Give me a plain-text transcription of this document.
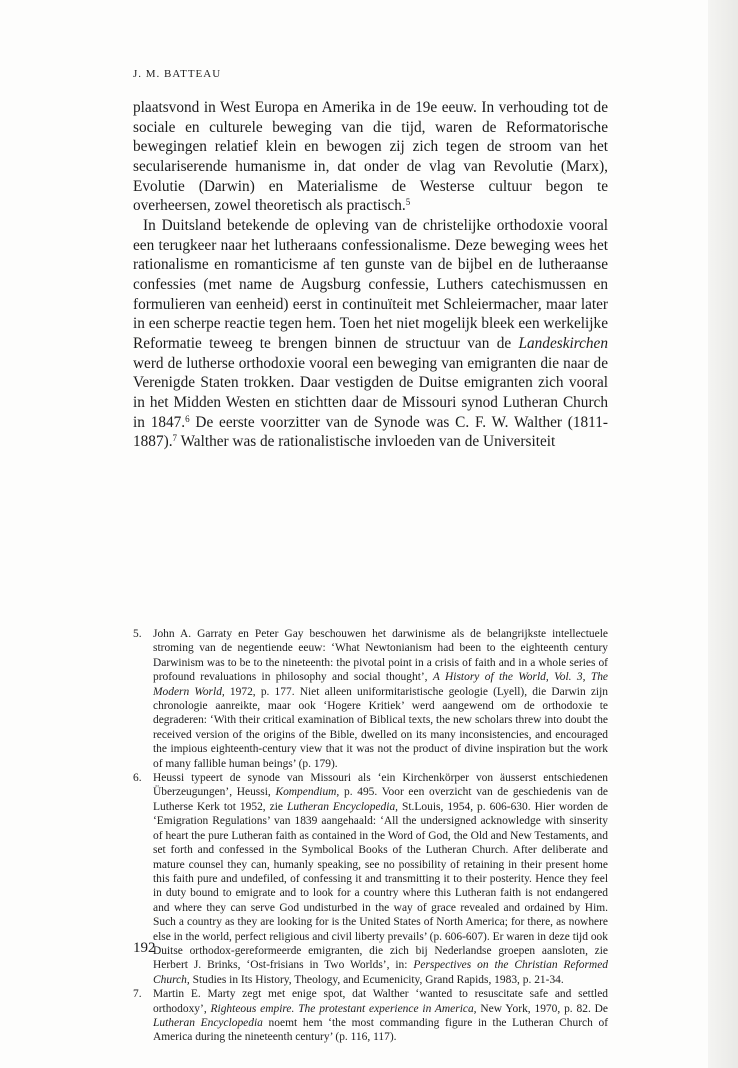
J. M. BATTEAU

plaatsvond in West Europa en Amerika in de 19e eeuw. In verhouding tot de sociale en culturele beweging van die tijd, waren de Reformatorische bewegingen relatief klein en bewogen zij zich tegen de stroom van het seculariserende humanisme in, dat onder de vlag van Revolutie (Marx), Evolutie (Darwin) en Materialisme de Westerse cultuur begon te overheersen, zowel theoretisch als practisch.$^5$

In Duitsland betekende de opleving van de christelijke orthodoxie vooral een terugkeer naar het lutheraans confessionalisme. Deze beweging wees het rationalisme en romanticisme af ten gunste van de bijbel en de lutheraanse confessies (met name de Augsburg confessie, Luthers catechismussen en formulieren van eenheid) eerst in continuïteit met Schleiermacher, maar later in een scherpe reactie tegen hem. Toen het niet mogelijk bleek een werkelijke Reformatie teweeg te brengen binnen de structuur van de Landeskirchen werd de lutherse orthodoxie vooral een beweging van emigranten die naar de Verenigde Staten trokken. Daar vestigden de Duitse emigranten zich vooral in het Midden Westen en stichtten daar de Missouri synod Lutheran Church in 1847.$^6$ De eerste voorzitter van de Synode was C. F. W. Walther (1811-1887).$^7$ Walther was de rationalistische invloeden van de Universiteit

5. John A. Garraty en Peter Gay beschouwen het darwinisme als de belangrijkste intellectuele stroming van de negentiende eeuw: ‘What Newtonianism had been to the eighteenth century Darwinism was to be to the nineteenth: the pivotal point in a crisis of faith and in a whole series of profound revaluations in philosophy and social thought’, A History of the World, Vol. 3, The Modern World, 1972, p. 177. Niet alleen uniformitaristische geologie (Lyell), die Darwin zijn chronologie aanreikte, maar ook ‘Hogere Kritiek’ werd aangewend om de orthodoxie te degraderen: ‘With their critical examination of Biblical texts, the new scholars threw into doubt the received version of the origins of the Bible, dwelled on its many inconsistencies, and encouraged the impious eighteenth-century view that it was not the product of divine inspiration but the work of many fallible human beings’ (p. 179).

6. Heussi typeert de synode van Missouri als ‘ein Kirchenkörper von äusserst entschiedenen Überzeugungen’, Heussi, Kompendium, p. 495. Voor een overzicht van de geschiedenis van de Lutherse Kerk tot 1952, zie Lutheran Encyclopedia, St.Louis, 1954, p. 606-630. Hier worden de ‘Emigration Regulations’ van 1839 aangehaald: ‘All the undersigned acknowledge with sinserity of heart the pure Lutheran faith as contained in the Word of God, the Old and New Testaments, and set forth and confessed in the Symbolical Books of the Lutheran Church. After deliberate and mature counsel they can, humanly speaking, see no possibility of retaining in their present home this faith pure and undefiled, of confessing it and transmitting it to their posterity. Hence they feel in duty bound to emigrate and to look for a country where this Lutheran faith is not endangered and where they can serve God undisturbed in the way of grace revealed and ordained by Him. Such a country as they are looking for is the United States of North America; for there, as nowhere else in the world, perfect religious and civil liberty prevails’ (p. 606-607). Er waren in deze tijd ook Duitse orthodox-gereformeerde emigranten, die zich bij Nederlandse groepen aansloten, zie Herbert J. Brinks, ‘Ost-frisians in Two Worlds’, in: Perspectives on the Christian Reformed Church, Studies in Its History, Theology, and Ecumenicity, Grand Rapids, 1983, p. 21-34.

7. Martin E. Marty zegt met enige spot, dat Walther ‘wanted to resuscitate safe and settled orthodoxy’, Righteous empire. The protestant experience in America, New York, 1970, p. 82. De Lutheran Encyclopedia noemt hem ‘the most commanding figure in the Lutheran Church of America during the nineteenth century’ (p. 116, 117).

192
